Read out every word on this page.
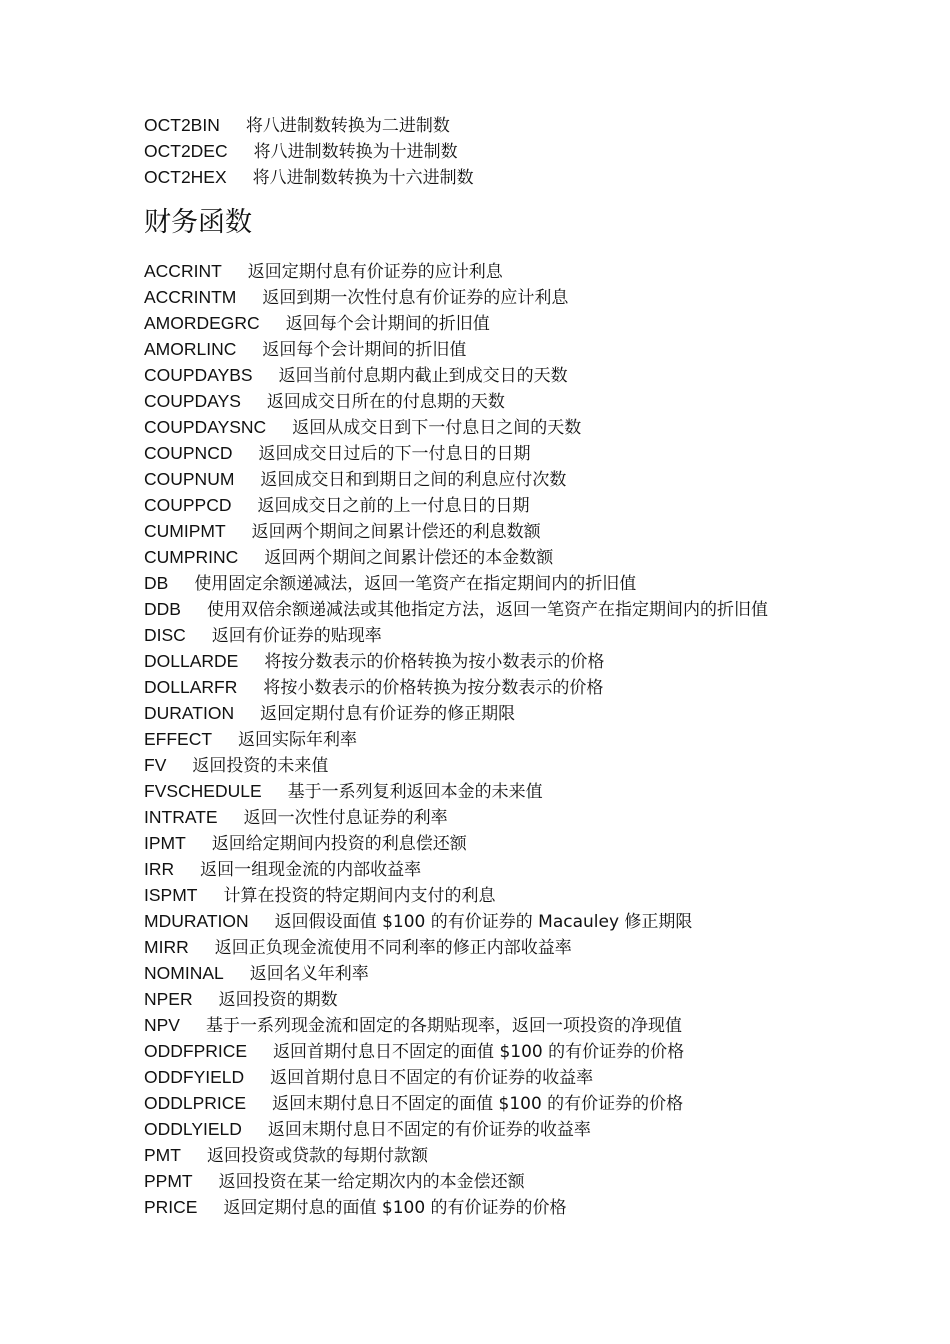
OCT2BIN 将八进制数转换为二进制数
OCT2DEC 将八进制数转换为十进制数
OCT2HEX 将八进制数转换为十六进制数
财务函数
ACCRINT 返回定期付息有价证券的应计利息
ACCRINTM 返回到期一次性付息有价证券的应计利息
AMORDEGRC 返回每个会计期间的折旧值
AMORLINC 返回每个会计期间的折旧值
COUPDAYBS 返回当前付息期内截止到成交日的天数
COUPDAYS 返回成交日所在的付息期的天数
COUPDAYSNC 返回从成交日到下一付息日之间的天数
COUPNCD 返回成交日过后的下一付息日的日期
COUPNUM 返回成交日和到期日之间的利息应付次数
COUPPCD 返回成交日之前的上一付息日的日期
CUMIPMT 返回两个期间之间累计偿还的利息数额
CUMPRINC 返回两个期间之间累计偿还的本金数额
DB 使用固定余额递减法，返回一笔资产在指定期间内的折旧值
DDB 使用双倍余额递减法或其他指定方法，返回一笔资产在指定期间内的折旧值
DISC 返回有价证券的贴现率
DOLLARDE 将按分数表示的价格转换为按小数表示的价格
DOLLARFR 将按小数表示的价格转换为按分数表示的价格
DURATION 返回定期付息有价证券的修正期限
EFFECT 返回实际年利率
FV 返回投资的未来值
FVSCHEDULE 基于一系列复利返回本金的未来值
INTRATE 返回一次性付息证券的利率
IPMT 返回给定期间内投资的利息偿还额
IRR 返回一组现金流的内部收益率
ISPMT 计算在投资的特定期间内支付的利息
MDURATION 返回假设面值 $100 的有价证券的 Macauley 修正期限
MIRR 返回正负现金流使用不同利率的修正内部收益率
NOMINAL 返回名义年利率
NPER 返回投资的期数
NPV 基于一系列现金流和固定的各期贴现率，返回一项投资的净现值
ODDFPRICE 返回首期付息日不固定的面值 $100 的有价证券的价格
ODDFYIELD 返回首期付息日不固定的有价证券的收益率
ODDLPRICE 返回末期付息日不固定的面值 $100 的有价证券的价格
ODDLYIELD 返回末期付息日不固定的有价证券的收益率
PMT 返回投资或贷款的每期付款额
PPMT 返回投资在某一给定期次内的本金偿还额
PRICE 返回定期付息的面值 $100 的有价证券的价格
